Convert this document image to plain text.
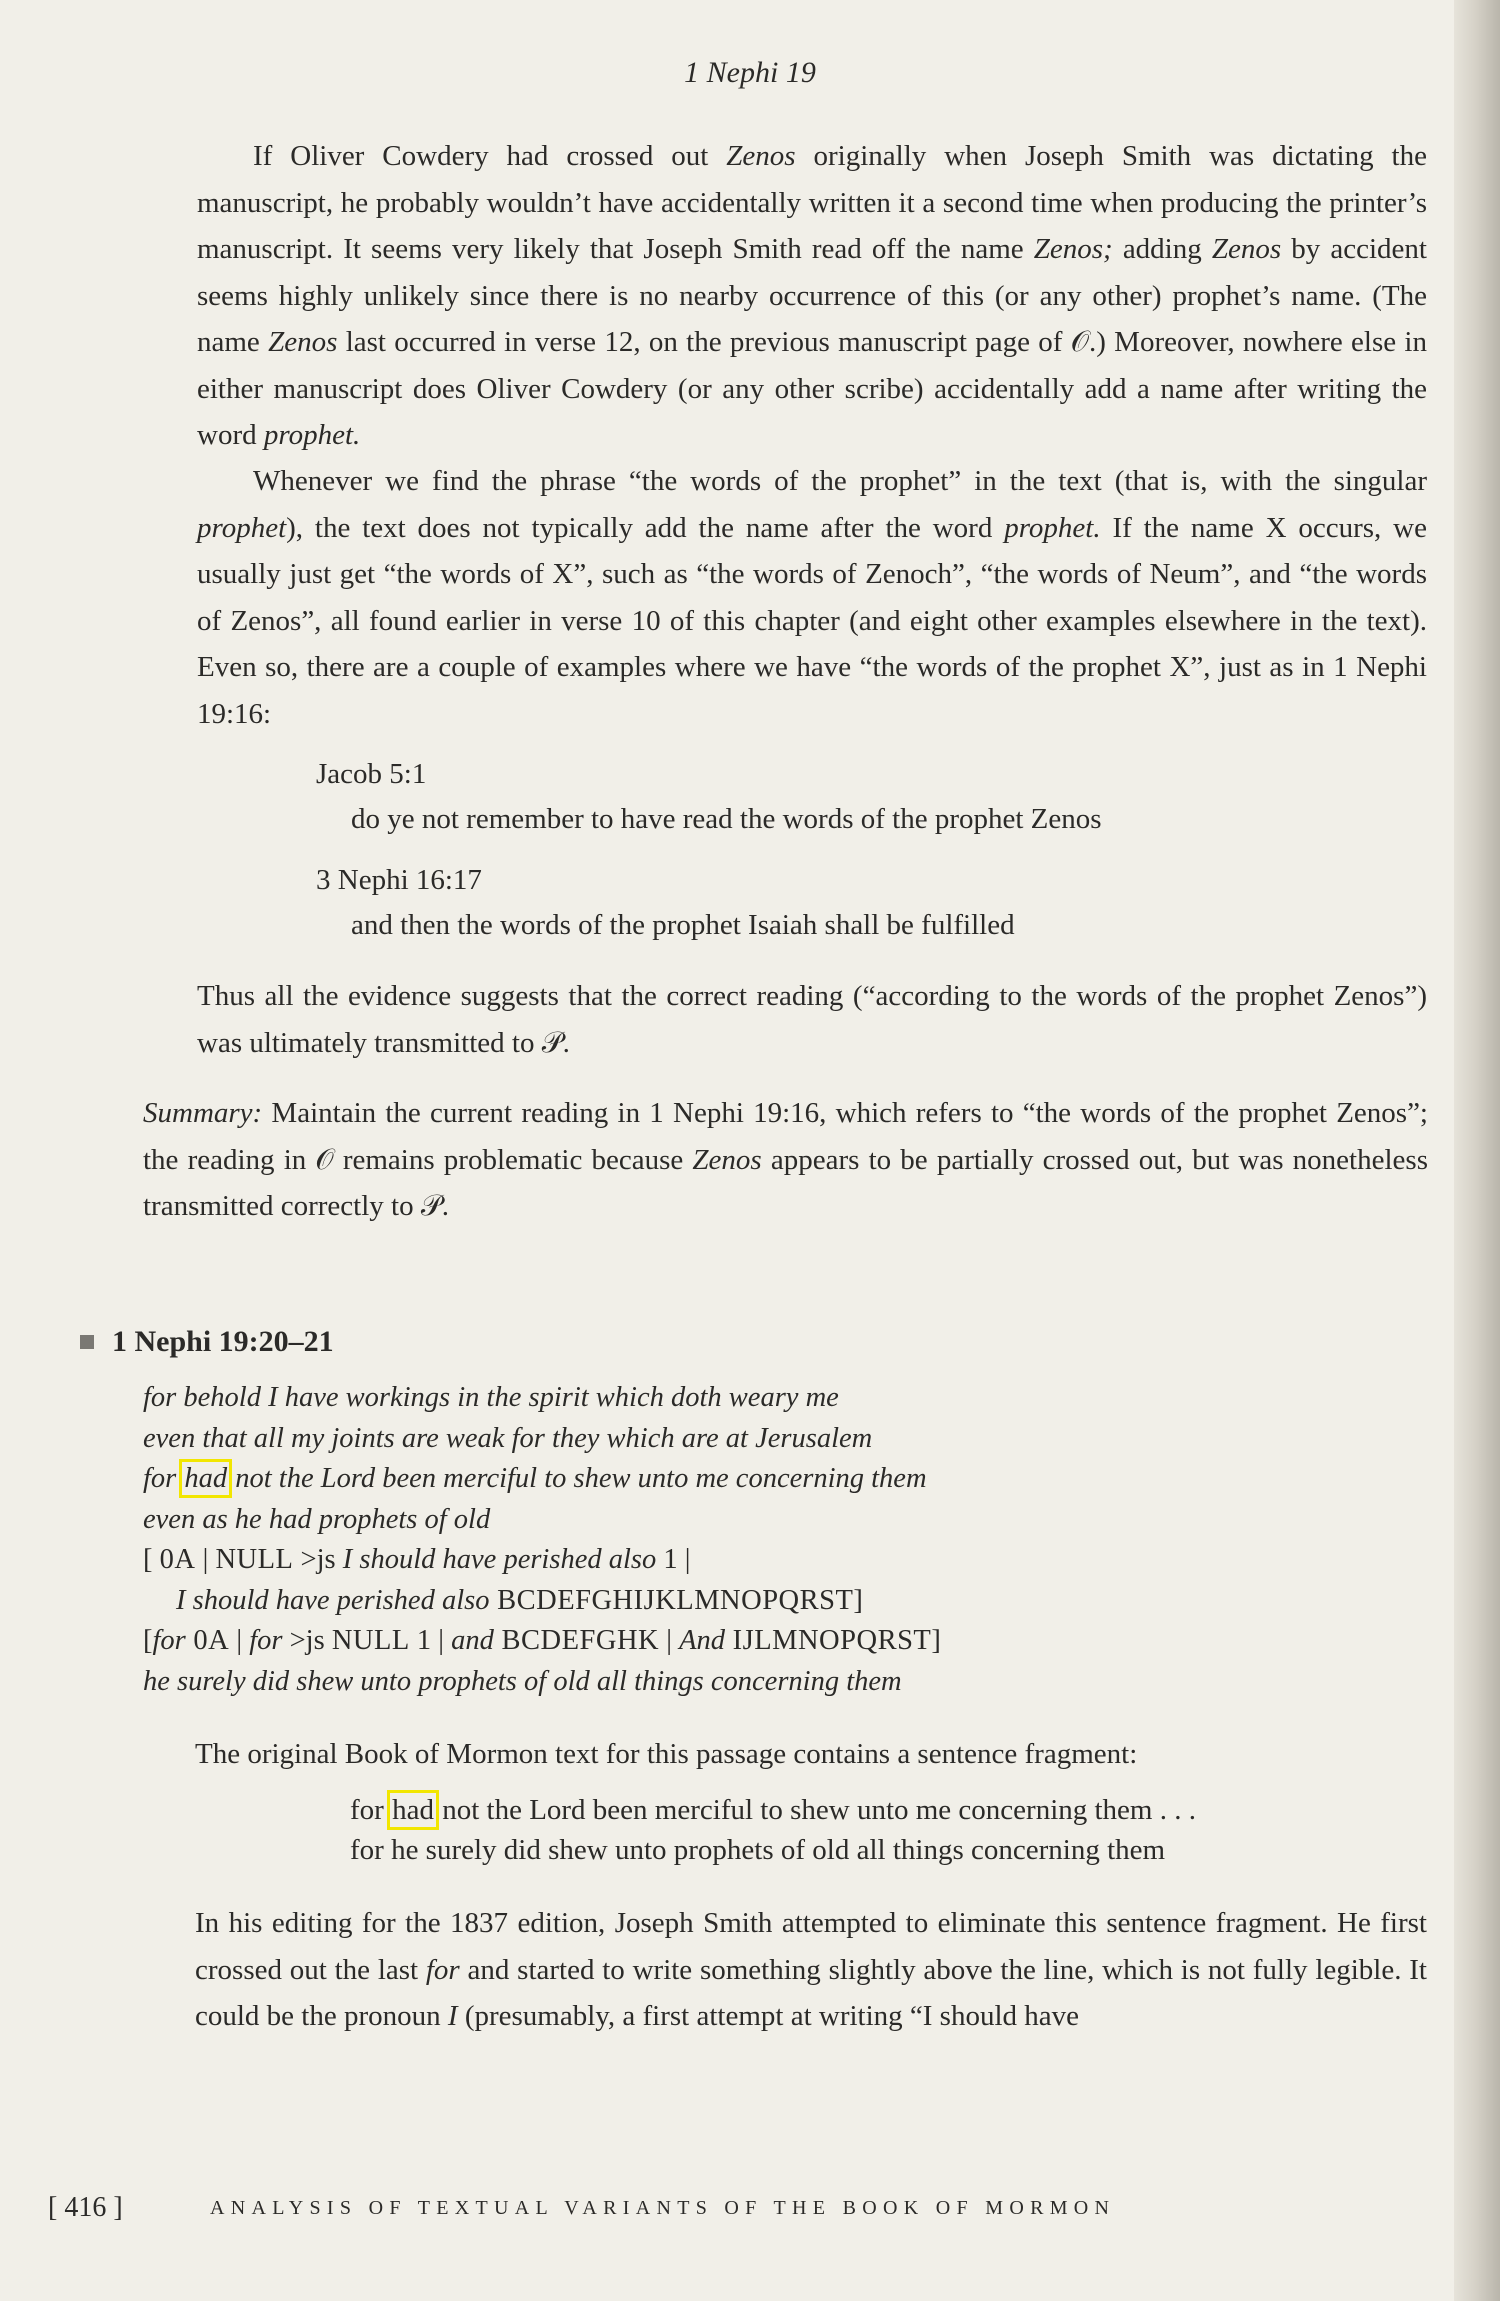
1 Nephi 19

If Oliver Cowdery had crossed out Zenos originally when Joseph Smith was dictating the manuscript, he probably wouldn’t have accidentally written it a second time when producing the printer’s manuscript. It seems very likely that Joseph Smith read off the name Zenos; adding Zenos by accident seems highly unlikely since there is no nearby occurrence of this (or any other) prophet’s name. (The name Zenos last occurred in verse 12, on the previous manuscript page of 𝒪.) Moreover, nowhere else in either manuscript does Oliver Cowdery (or any other scribe) accidentally add a name after writing the word prophet.

Whenever we find the phrase “the words of the prophet” in the text (that is, with the singular prophet), the text does not typically add the name after the word prophet. If the name X occurs, we usually just get “the words of X”, such as “the words of Zenoch”, “the words of Neum”, and “the words of Zenos”, all found earlier in verse 10 of this chapter (and eight other examples elsewhere in the text). Even so, there are a couple of examples where we have “the words of the prophet X”, just as in 1 Nephi 19:16:

Jacob 5:1
do ye not remember to have read the words of the prophet Zenos
3 Nephi 16:17
and then the words of the prophet Isaiah shall be fulfilled

Thus all the evidence suggests that the correct reading (“according to the words of the prophet Zenos”) was ultimately transmitted to 𝒫.

Summary: Maintain the current reading in 1 Nephi 19:16, which refers to “the words of the prophet Zenos”; the reading in 𝒪 remains problematic because Zenos appears to be partially crossed out, but was nonetheless transmitted correctly to 𝒫.

1 Nephi 19:20–21
for behold I have workings in the spirit which doth weary me
even that all my joints are weak for they which are at Jerusalem
for had not the Lord been merciful to shew unto me concerning them
even as he had prophets of old
[ 0A | NULL >js I should have perished also 1 |
I should have perished also BCDEFGHIJKLMNOPQRST]
[for 0A | for >js NULL 1 | and BCDEFGHK | And IJLMNOPQRST]
he surely did shew unto prophets of old all things concerning them

The original Book of Mormon text for this passage contains a sentence fragment:

for had not the Lord been merciful to shew unto me concerning them . . .

for he surely did shew unto prophets of old all things concerning them

In his editing for the 1837 edition, Joseph Smith attempted to eliminate this sentence fragment. He first crossed out the last for and started to write something slightly above the line, which is not fully legible. It could be the pronoun I (presumably, a first attempt at writing “I should have

[ 416 ]	ANALYSIS OF TEXTUAL VARIANTS OF THE BOOK OF MORMON
